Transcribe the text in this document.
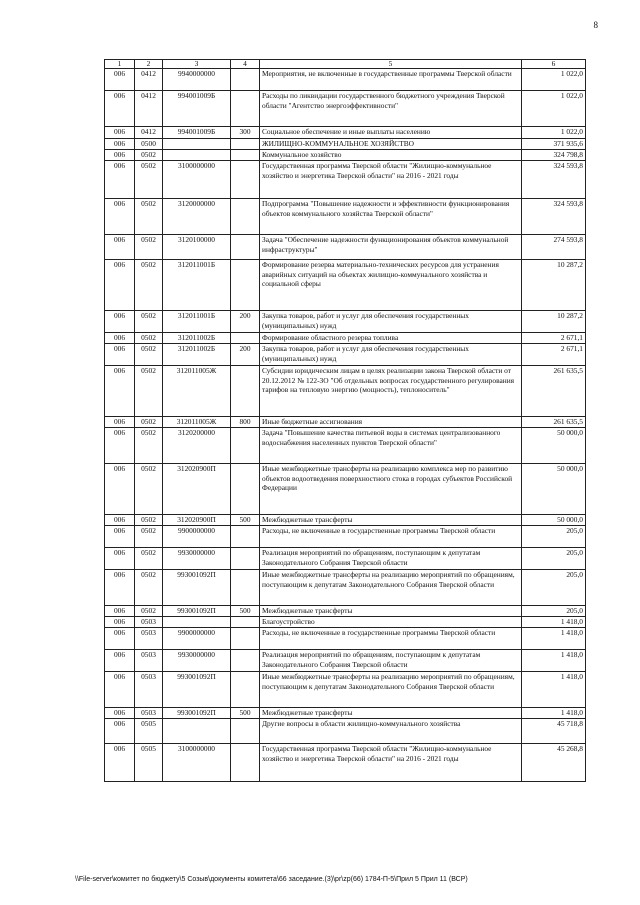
8
1	2	3	4	5	6
006	0412	9940000000		Мероприятия, не включенные в государственные программы Тверской области	1 022,0
006	0412	994001009Б		Расходы по ликвидации государственного бюджетного учреждения Тверской области "Агентство энергоэффективности"	1 022,0
006	0412	994001009Б	300	Социальное обеспечение и иные выплаты населению	1 022,0
006	0500			ЖИЛИЩНО-КОММУНАЛЬНОЕ ХОЗЯЙСТВО	371 935,6
006	0502			Коммунальное хозяйство	324 798,8
006	0502	3100000000		Государственная программа Тверской области "Жилищно-коммунальное хозяйство и энергетика Тверской области" на 2016 - 2021 годы	324 593,8
006	0502	3120000000		Подпрограмма "Повышение надежности и эффективности функционирования объектов коммунального хозяйства Тверской области"	324 593,8
006	0502	3120100000		Задача "Обеспечение надежности функционирования объектов коммунальной инфраструктуры"	274 593,8
006	0502	312011001Б		Формирование резерва материально-технических ресурсов для устранения аварийных ситуаций на объектах жилищно-коммунального хозяйства и социальной сферы	10 287,2
006	0502	312011001Б	200	Закупка товаров, работ и услуг для обеспечения государственных (муниципальных) нужд	10 287,2
006	0502	312011002Б		Формирование областного резерва топлива	2 671,1
006	0502	312011002Б	200	Закупка товаров, работ и услуг для обеспечения государственных (муниципальных) нужд	2 671,1
006	0502	312011005Ж		Субсидии юридическим лицам в целях реализации закона Тверской области от 20.12.2012 № 122-ЗО "Об отдельных вопросах государственного регулирования тарифов на тепловую энергию (мощность), теплоноситель"	261 635,5
006	0502	312011005Ж	800	Иные бюджетные ассигнования	261 635,5
006	0502	3120200000		Задача "Повышение качества питьевой воды в системах централизованного водоснабжения населенных пунктов Тверской области"	50 000,0
006	0502	312020900П		Иные межбюджетные трансферты на реализацию комплекса мер по развитию объектов водоотведения поверхностного стока в городах субъектов Российской Федерации	50 000,0
006	0502	312020900П	500	Межбюджетные трансферты	50 000,0
006	0502	9900000000		Расходы, не включенные в государственные программы Тверской области	205,0
006	0502	9930000000		Реализация мероприятий по обращениям, поступающим к депутатам Законодательного Собрания Тверской области	205,0
006	0502	993001092П		Иные межбюджетные трансферты на реализацию мероприятий по обращениям, поступающим к депутатам Законодательного Собрания Тверской области	205,0
006	0502	993001092П	500	Межбюджетные трансферты	205,0
006	0503			Благоустройство	1 418,0
006	0503	9900000000		Расходы, не включенные в государственные программы Тверской области	1 418,0
006	0503	9930000000		Реализация мероприятий по обращениям, поступающим к депутатам Законодательного Собрания Тверской области	1 418,0
006	0503	993001092П		Иные межбюджетные трансферты на реализацию мероприятий по обращениям, поступающим к депутатам Законодательного Собрания Тверской области	1 418,0
006	0503	993001092П	500	Межбюджетные трансферты	1 418,0
006	0505			Другие вопросы в области жилищно-коммунального хозяйства	45 718,8
006	0505	3100000000		Государственная программа Тверской области "Жилищно-коммунальное хозяйство и энергетика Тверской области" на 2016 - 2021 годы	45 268,8
\\File-server\комитет по бюджету\5 Созыв\документы комитета\66 заседание.(3)\pr\zp(66) 1784-П-5\Прил 5 Прил 11 (ВСР)
